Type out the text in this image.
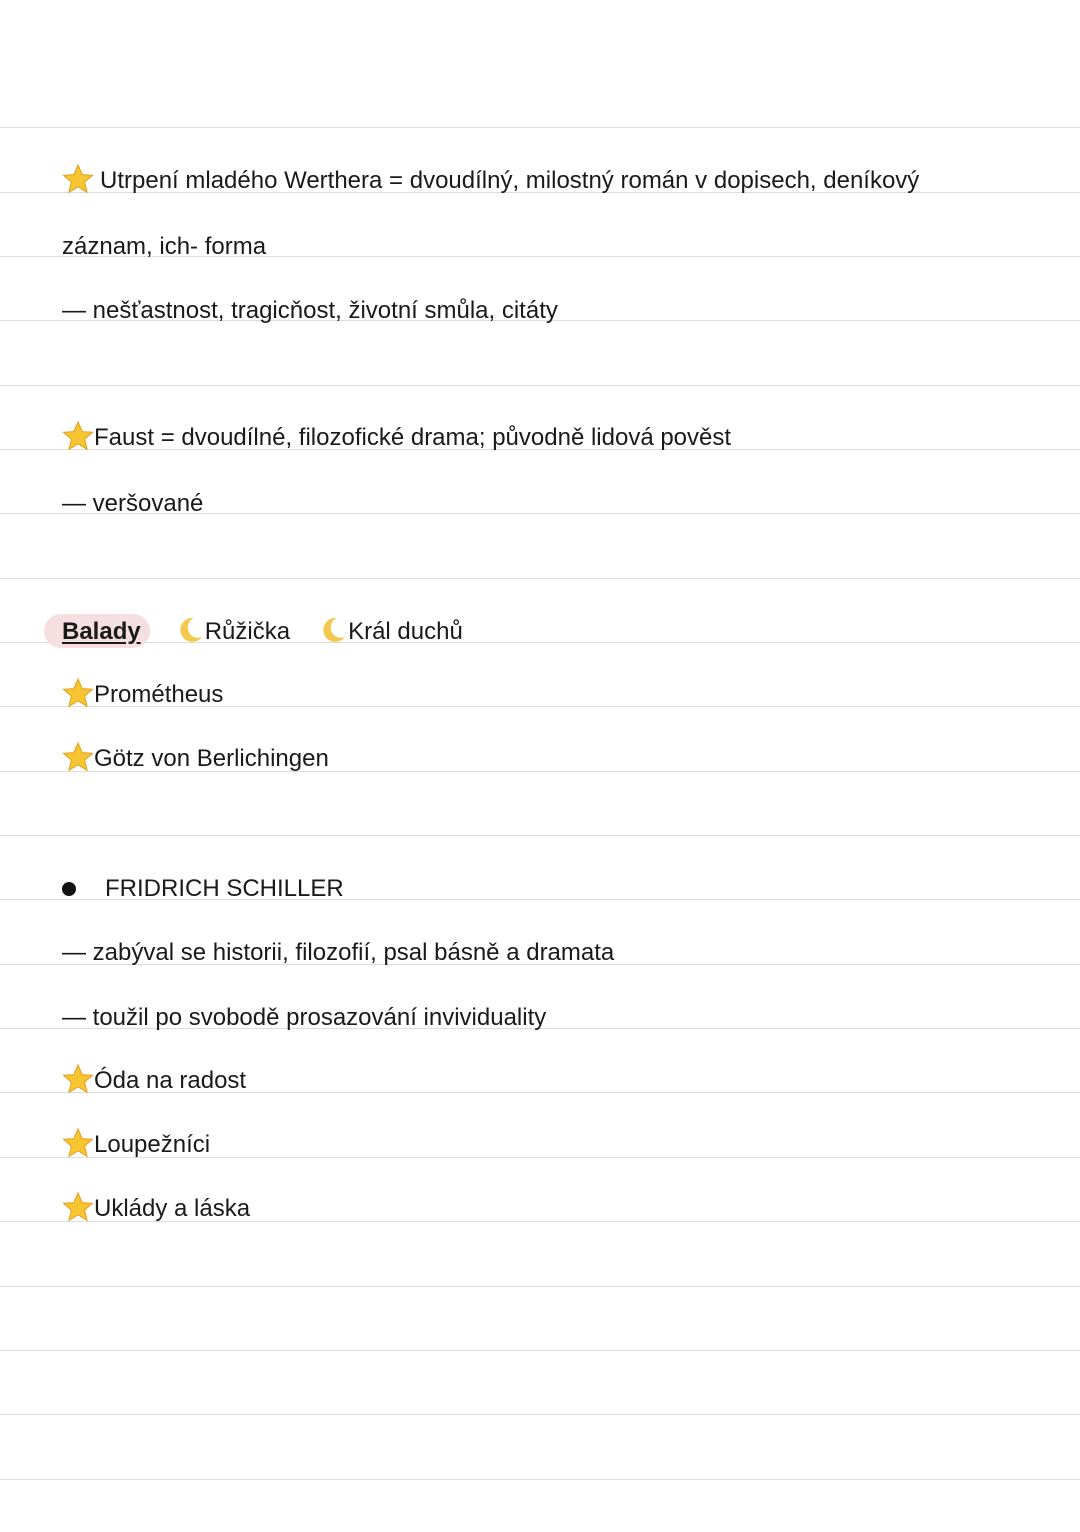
Utrpení mladého Werthera = dvoudílný, milostný román v dopisech, deníkový
záznam, ich- forma
— nešťastnost, tragicňost, životní smůla, citáty
Faust = dvoudílné, filozofické drama; původně lidová pověst
— veršované
Balady	Růžička Král duchů
Prométheus
Götz von Berlichingen
FRIDRICH SCHILLER
— zabýval se historii, filozofií, psal básně a dramata
— toužil po svobodě prosazování invividuality
Óda na radost
Loupežníci
Uklády a láska
